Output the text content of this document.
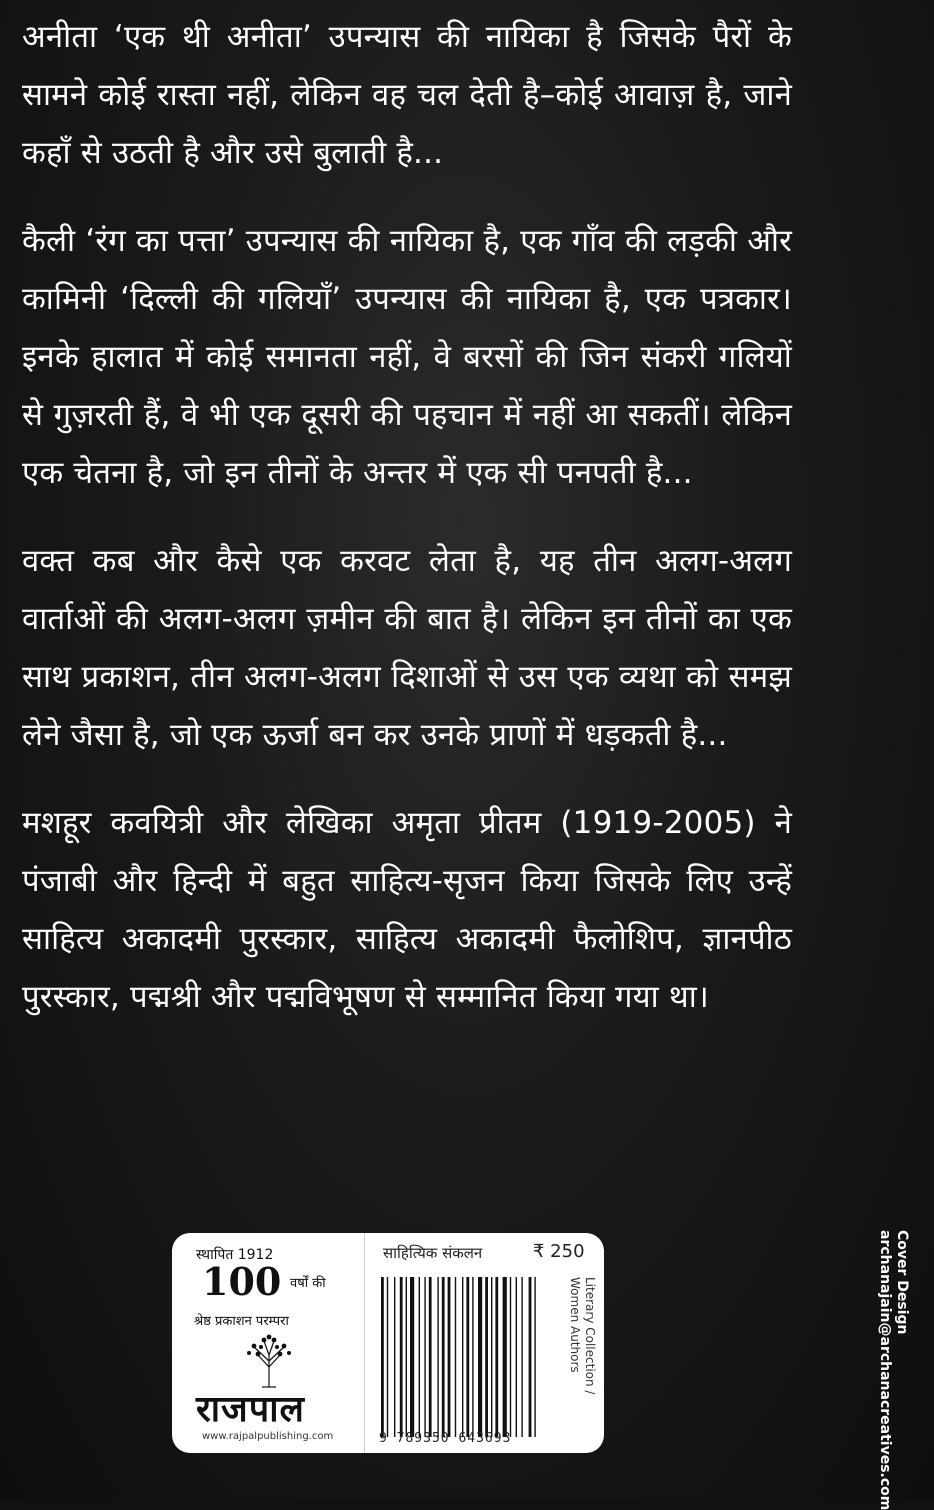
अनीता ‘एक थी अनीता’ उपन्यास की नायिका है जिसके पैरों के सामने कोई रास्ता नहीं, लेकिन वह चल देती है–कोई आवाज़ है, जाने कहाँ से उठती है और उसे बुलाती है...

कैली ‘रंग का पत्ता’ उपन्यास की नायिका है, एक गाँव की लड़की और कामिनी ‘दिल्ली की गलियाँ’ उपन्यास की नायिका है, एक पत्रकार। इनके हालात में कोई समानता नहीं, वे बरसों की जिन संकरी गलियों से गुज़रती हैं, वे भी एक दूसरी की पहचान में नहीं आ सकतीं। लेकिन एक चेतना है, जो इन तीनों के अन्तर में एक सी पनपती है...

वक्त कब और कैसे एक करवट लेता है, यह तीन अलग-अलग वार्ताओं की अलग-अलग ज़मीन की बात है। लेकिन इन तीनों का एक साथ प्रकाशन, तीन अलग-अलग दिशाओं से उस एक व्यथा को समझ लेने जैसा है, जो एक ऊर्जा बन कर उनके प्राणों में धड़कती है...

मशहूर कवयित्री और लेखिका अमृता प्रीतम (1919-2005) ने पंजाबी और हिन्दी में बहुत साहित्य-सृजन किया जिसके लिए उन्हें साहित्य अकादमी पुरस्कार, साहित्य अकादमी फैलोशिप, ज्ञानपीठ पुरस्कार, पद्मश्री और पद्मविभूषण से सम्मानित किया गया था।

Cover Design
archanajain@archanacreatives.com
स्थापित 1912
100 वर्षों की
श्रेष्ठ प्रकाशन परम्परा
राजपाल
www.rajpalpublishing.com
साहित्यिक संकलन	₹ 250
9 789350 643693
Literary Collection /
Women Authors
